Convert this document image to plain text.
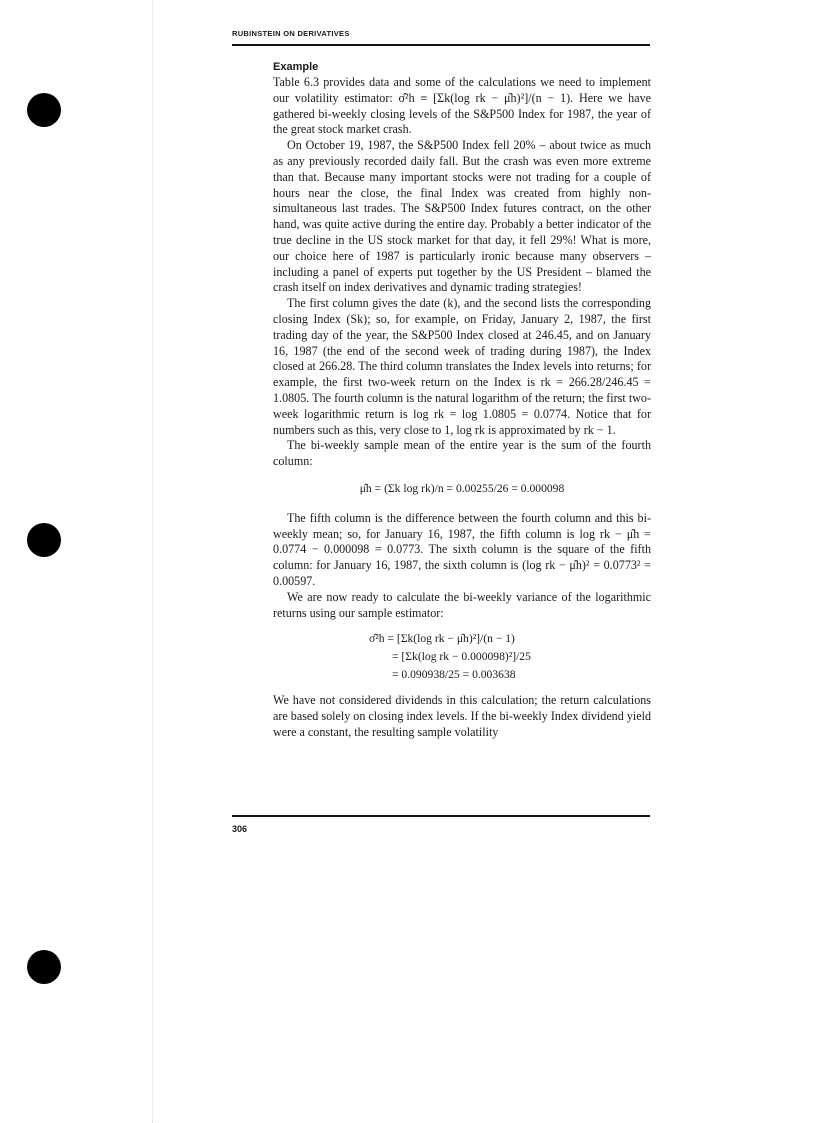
RUBINSTEIN ON DERIVATIVES
Example

Table 6.3 provides data and some of the calculations we need to implement our volatility estimator: σ̂²h ≡ [Σk(log rk − μ̂h)²]/(n − 1). Here we have gathered bi-weekly closing levels of the S&P500 Index for 1987, the year of the great stock market crash.

On October 19, 1987, the S&P500 Index fell 20% – about twice as much as any previously recorded daily fall. But the crash was even more extreme than that. Because many important stocks were not trading for a couple of hours near the close, the final Index was created from highly non-simultaneous last trades. The S&P500 Index futures contract, on the other hand, was quite active during the entire day. Probably a better indicator of the true decline in the US stock market for that day, it fell 29%! What is more, our choice here of 1987 is particularly ironic because many observers – including a panel of experts put together by the US President – blamed the crash itself on index derivatives and dynamic trading strategies!

The first column gives the date (k), and the second lists the corresponding closing Index (Sk); so, for example, on Friday, January 2, 1987, the first trading day of the year, the S&P500 Index closed at 246.45, and on January 16, 1987 (the end of the second week of trading during 1987), the Index closed at 266.28. The third column translates the Index levels into returns; for example, the first two-week return on the Index is rk = 266.28/246.45 = 1.0805. The fourth column is the natural logarithm of the return; the first two-week logarithmic return is log rk = log 1.0805 = 0.0774. Notice that for numbers such as this, very close to 1, log rk is approximated by rk − 1.

The bi-weekly sample mean of the entire year is the sum of the fourth column:

μ̂h = (Σk log rk)/n = 0.00255/26 = 0.000098

The fifth column is the difference between the fourth column and this bi-weekly mean; so, for January 16, 1987, the fifth column is log rk − μ̂h = 0.0774 − 0.000098 = 0.0773. The sixth column is the square of the fifth column: for January 16, 1987, the sixth column is (log rk − μ̂h)² = 0.0773² = 0.00597.

We are now ready to calculate the bi-weekly variance of the logarithmic returns using our sample estimator:

σ̂²h = [Σk(log rk − μ̂h)²]/(n − 1)
= [Σk(log rk − 0.000098)²]/25
= 0.090938/25 = 0.003638

We have not considered dividends in this calculation; the return calculations are based solely on closing index levels. If the bi-weekly Index dividend yield were a constant, the resulting sample volatility

306
